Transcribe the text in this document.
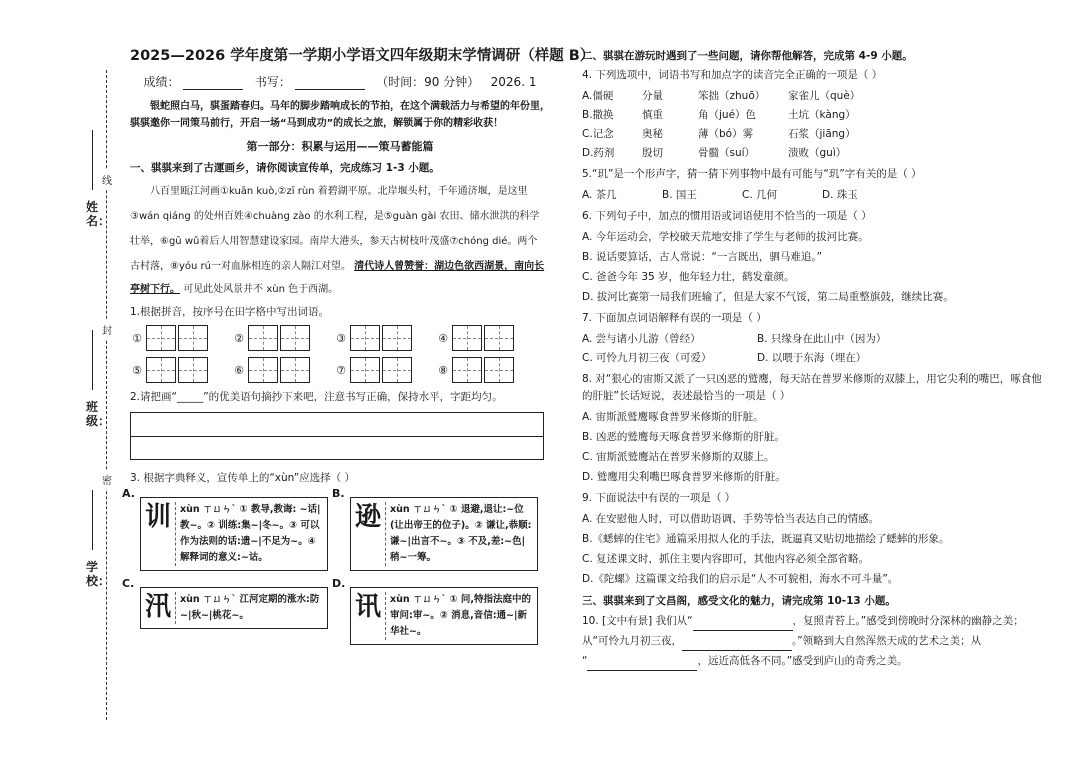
姓名：
线
封
班级：
密
学校：
2025—2026 学年度第一学期小学语文四年级期末学情调研（样题 B）
成绩：	书写：	（时间：90 分钟） 2026. 1
银蛇照白马，骐蛋踏春归。马年的脚步踏响成长的节拍，在这个满载活力与希望的年份里，骐骐邀你一同策马前行，开启一场“马到成功”的成长之旅，解锁属于你的精彩收获！
第一部分：积累与运用——策马蓄能篇
一、骐骐来到了古運画乡，请你阅读宣传单，完成练习 1-3 小题。
八百里瓯江河画①kuān kuò,②zī rùn 着碧湖平原。北岸堰头村，千年通济堰，是这里
③wán qiáng 的处州百姓④chuàng zào 的水利工程，是⑤guàn gài 农田、储水泄洪的科学
壮举，⑥gū wǔ着后人用智慧建设家园。南岸大港头，参天古树枝叶茂盛⑦chóng dié。两个
古村落，⑧yóu rú一对血脉相连的亲人隔江对望。 清代诗人曾赞誉：湖边色欲西湖景，南向长亭树下行。 可见此处风景并不 xùn 色于西湖。
1.根据拼音，按序号在田字格中写出词语。
①	②	③	④
⑤	⑥	⑦	⑧
2.请把画“_____”的优美语句摘抄下来吧，注意书写正确，保持水平，字距均匀。
3. 根据字典释义，宣传单上的“xùn”应选择（ ）
A.
训 xùn ㄒㄩㄣˋ ① 教导,教诲: ~话|教~。② 训练:集~|冬~。③ 可以作为法则的话:遗~|不足为~。④ 解释词的意义:~诂。
B.
逊 xùn ㄒㄩㄣˋ ① 退避,退让:~位(让出帝王的位子)。② 谦让,恭顺:谦~|出言不~。③ 不及,差:~色|稍~一筹。
C.
汛 xùn ㄒㄩㄣˋ 江河定期的涨水:防~|秋~|桃花~。
D.
讯 xùn ㄒㄩㄣˋ ① 问,特指法庭中的审问:审~。② 消息,音信:通~|新华社~。
二、骐骐在游玩时遇到了一些问题，请你帮他解答，完成第 4-9 小题。
4. 下列选项中，词语书写和加点字的读音完全正确的一项是（ ）
A.僵硬	分量	笨拙（zhuō）	家雀儿（què）
B.撒换	慎重	角（jué）色	土坑（kàng）
C.记念	奥秘	薄（bó）雾	石浆（jiāng）
D.药剂	殷切	骨髓（suí）	溃败（guì）
5.“玑”是一个形声字，猜一猜下列事物中最有可能与“玑”字有关的是（ ）
A. 茶几	B. 国王	C. 几何	D. 珠玉
6. 下列句子中，加点的惯用语或词语使用不恰当的一项是（ ）
A. 今年运动会，学校破天荒地安排了学生与老师的拔河比赛。
B. 说话要算话，古人常说：“一言既出，驷马难追。”
C. 爸爸今年 35 岁，他年轻力壮，鹤发童颜。
D. 拔河比赛第一局我们班输了，但是大家不气馁，第二局重整旗鼓，继续比赛。
7. 下面加点词语解释有误的一项是（ ）
A. 尝与诸小儿游（曾经）	B. 只缘身在此山中（因为）
C. 可怜九月初三夜（可爱）	D. 以喂于东海（埋在）
8. 对“狠心的宙斯又派了一只凶恶的鹫鹰，每天站在普罗米修斯的双膝上，用它尖利的嘴巴，啄食他的肝脏”长话短说，表述最恰当的一项是（ ）
A. 宙斯派鹫鹰啄食普罗米修斯的肝脏。
B. 凶恶的鹫鹰每天啄食普罗米修斯的肝脏。
C. 宙斯派鹫鹰站在普罗米修斯的双膝上。
D. 鹫鹰用尖利嘴巴啄食普罗米修斯的肝脏。
9. 下面说法中有误的一项是（ ）
A. 在安慰他人时，可以借助语调、手势等恰当表达自己的情感。
B.《蟋蟀的住宅》通篇采用拟人化的手法，既逼真又贴切地描绘了蟋蟀的形象。
C. 复述课文时，抓住主要内容即可，其他内容必须全部省略。
D.《陀螺》这篇课文给我们的启示是“人不可貌相，海水不可斗量”。
三、骐骐来到了文昌阁，感受文化的魅力，请完成第 10-13 小题。
10. [文中有景] 我们从“	，复照青苔上。”感受到傍晚时分深林的幽静之美；
从“可怜九月初三夜，	。”领略到大自然浑然天成的艺术之美；从
“	，远近高低各不同。”感受到庐山的奇秀之美。
